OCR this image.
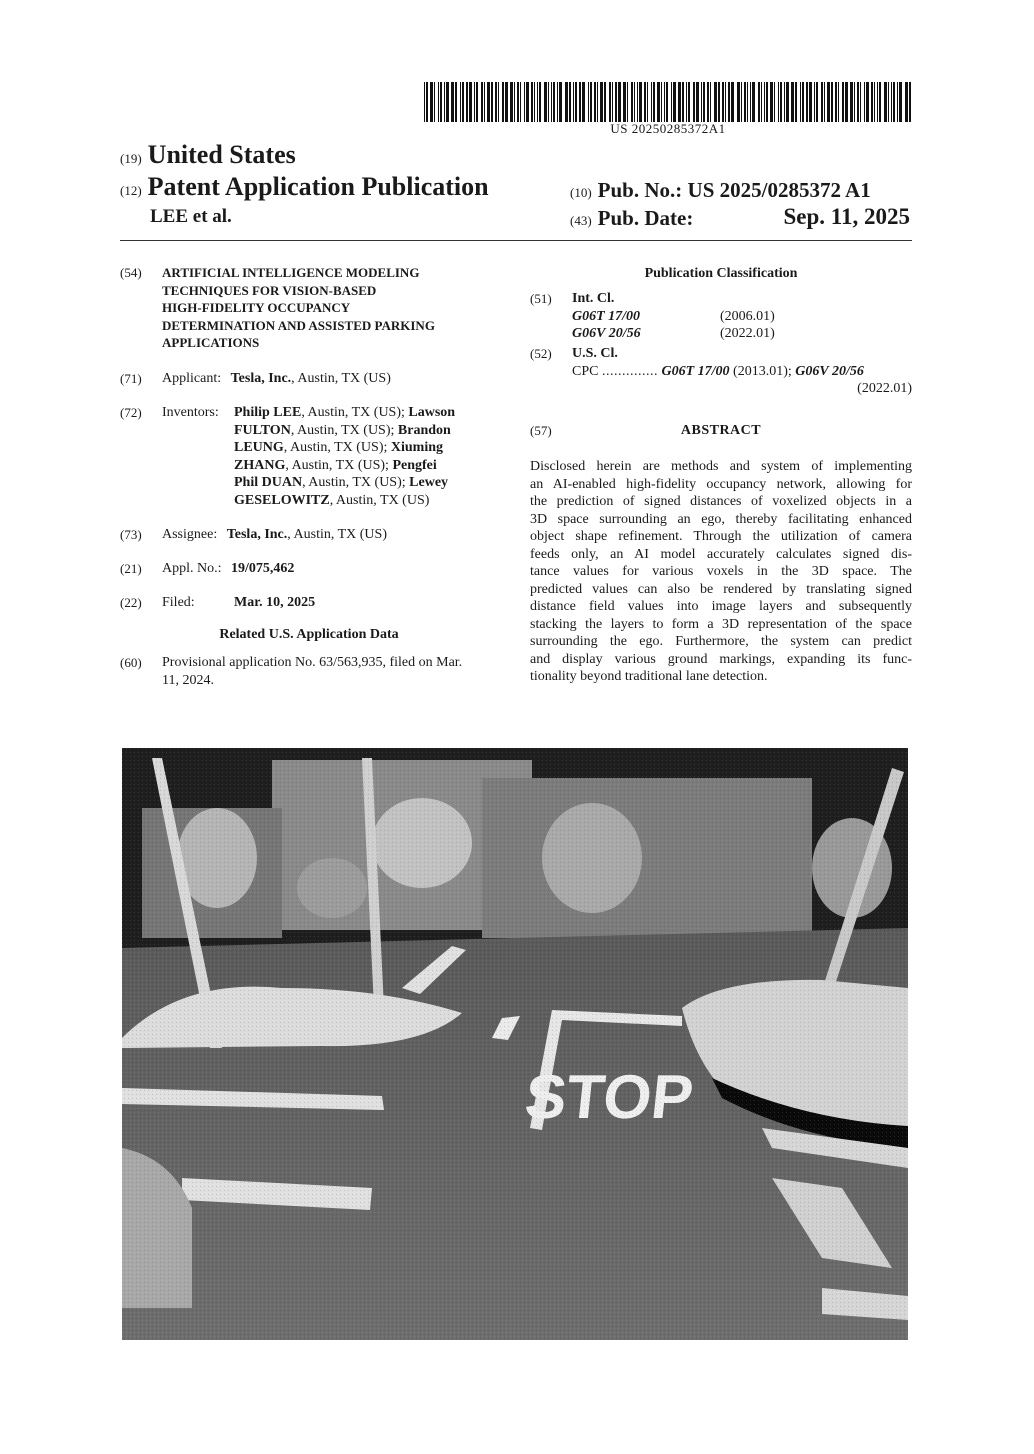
US 20250285372A1
(19) United States
(12) Patent Application Publication
LEE et al.
(10) Pub. No.: US 2025/0285372 A1
(43) Pub. Date:	Sep. 11, 2025
(54) ARTIFICIAL INTELLIGENCE MODELING
TECHNIQUES FOR VISION-BASED
HIGH-FIDELITY OCCUPANCY
DETERMINATION AND ASSISTED PARKING
APPLICATIONS
(71) Applicant: Tesla, Inc., Austin, TX (US)
(72) Inventors: Philip LEE, Austin, TX (US); Lawson
FULTON, Austin, TX (US); Brandon
LEUNG, Austin, TX (US); Xiuming
ZHANG, Austin, TX (US); Pengfei
Phil DUAN, Austin, TX (US); Lewey
GESELOWITZ, Austin, TX (US)
(73) Assignee: Tesla, Inc., Austin, TX (US)
(21) Appl. No.: 19/075,462
(22) Filed:	Mar. 10, 2025
Related U.S. Application Data
(60) Provisional application No. 63/563,935, filed on Mar.
11, 2024.
Publication Classification
(51) Int. Cl.
G06T 17/00	(2006.01)
G06V 20/56	(2022.01)
(52) U.S. Cl.
CPC .............. G06T 17/00 (2013.01); G06V 20/56
(2022.01)
(57)	ABSTRACT
Disclosed herein are methods and system of implementing
an AI-enabled high-fidelity occupancy network, allowing for
the prediction of signed distances of voxelized objects in a
3D space surrounding an ego, thereby facilitating enhanced
object shape refinement. Through the utilization of camera
feeds only, an AI model accurately calculates signed dis-
tance values for various voxels in the 3D space. The
predicted values can also be rendered by translating signed
distance field values into image layers and subsequently
stacking the layers to form a 3D representation of the space
surrounding the ego. Furthermore, the system can predict
and display various ground markings, expanding its func-
tionality beyond traditional lane detection.
